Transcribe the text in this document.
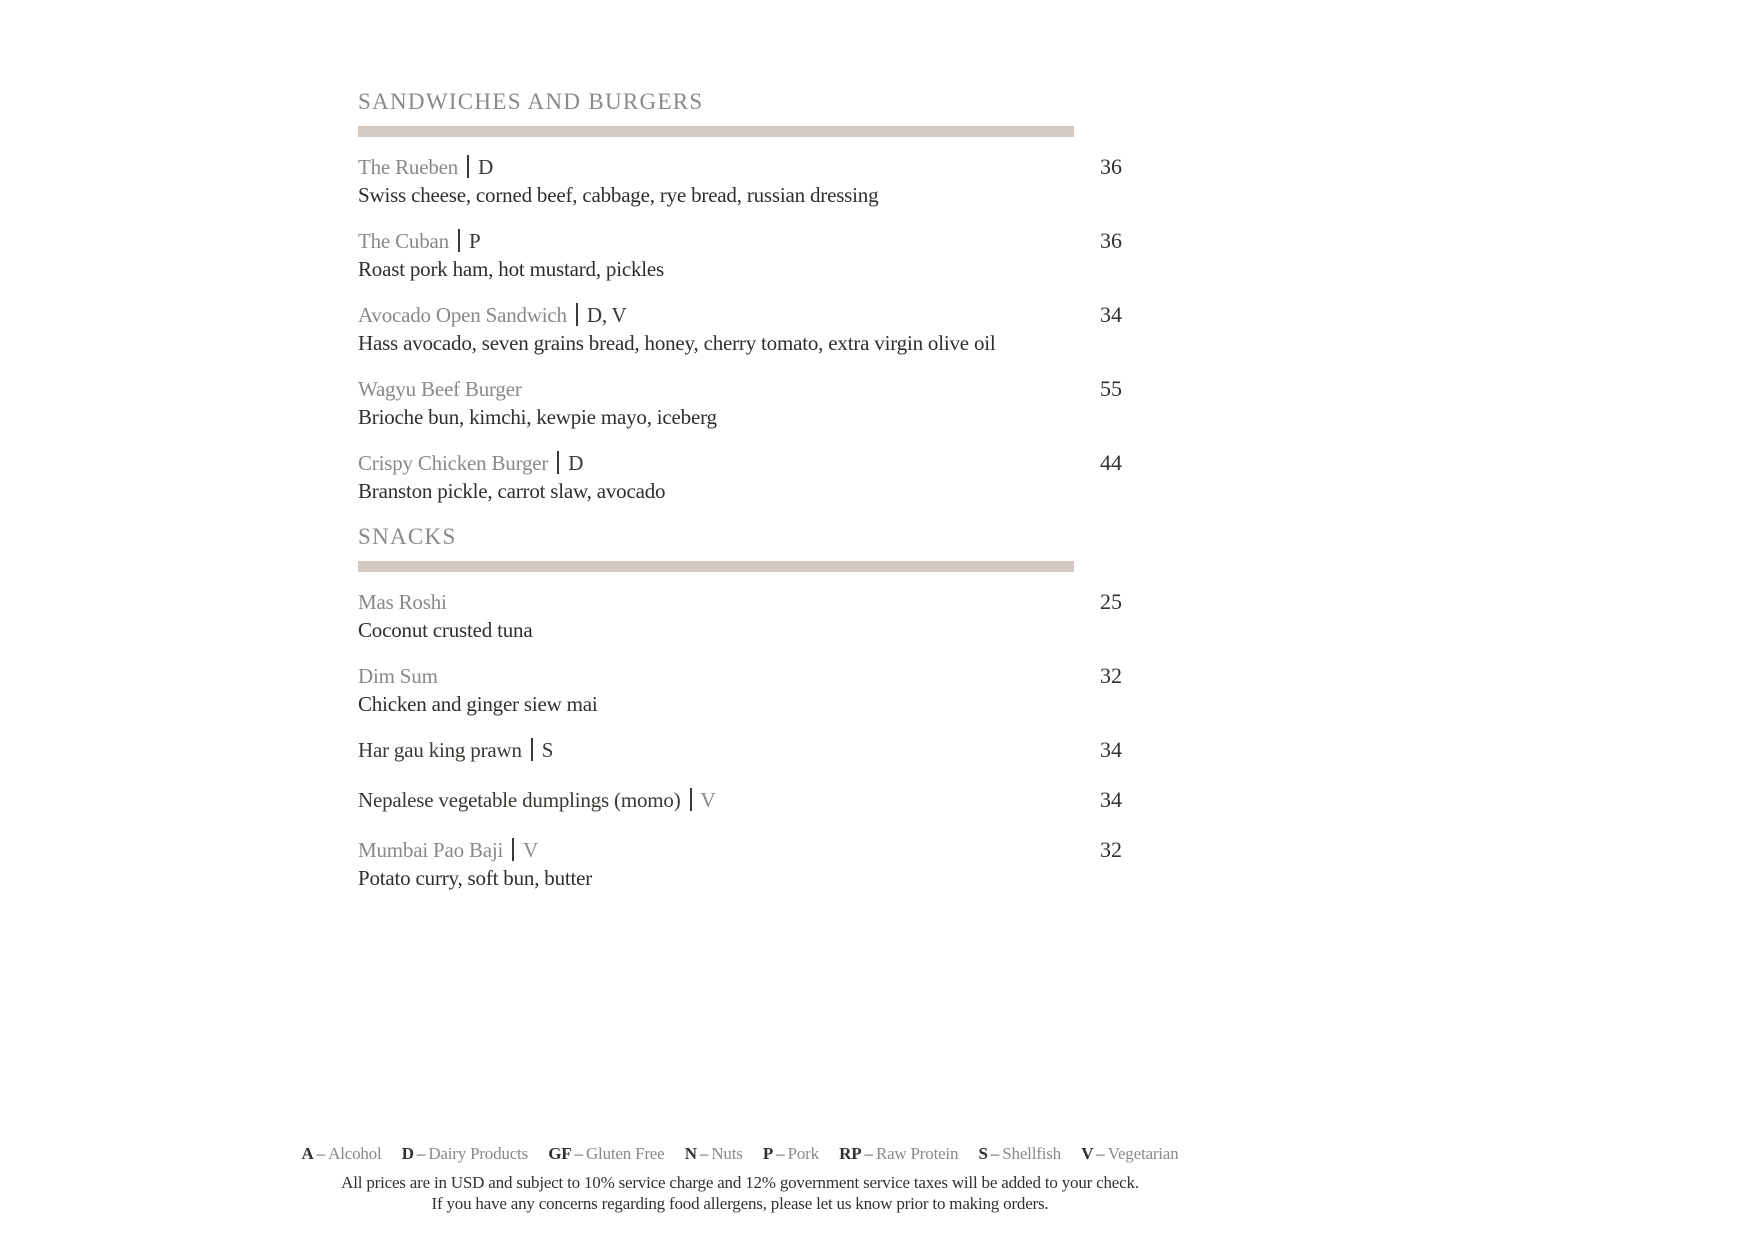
SANDWICHES AND BURGERS
The Rueben D
Swiss cheese, corned beef, cabbage, rye bread, russian dressing
36
The Cuban P
Roast pork ham, hot mustard, pickles
36
Avocado Open Sandwich D, V
Hass avocado, seven grains bread, honey, cherry tomato, extra virgin olive oil
34
Wagyu Beef Burger
Brioche bun, kimchi, kewpie mayo, iceberg
55
Crispy Chicken Burger D
Branston pickle, carrot slaw, avocado
44
SNACKS
Mas Roshi
Coconut crusted tuna
25
Dim Sum
Chicken and ginger siew mai
32
Har gau king prawn S	34
Nepalese vegetable dumplings (momo) V	34
Mumbai Pao Baji V
Potato curry, soft bun, butter
32
A – Alcohol D – Dairy Products GF – Gluten Free N – Nuts P – Pork RP – Raw Protein S – Shellfish V – Vegetarian
All prices are in USD and subject to 10% service charge and 12% government service taxes will be added to your check.
If you have any concerns regarding food allergens, please let us know prior to making orders.
